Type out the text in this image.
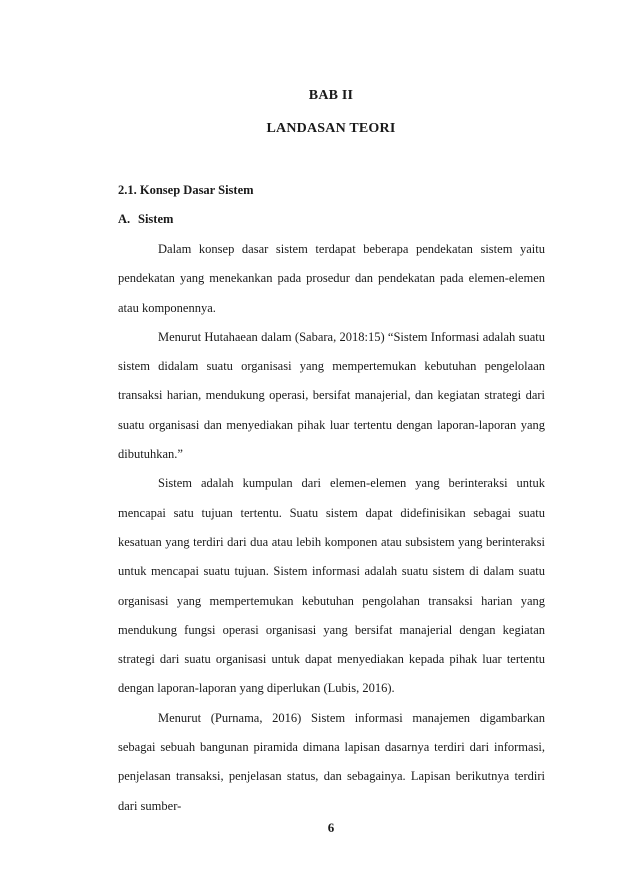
BAB II
LANDASAN TEORI
2.1. Konsep Dasar Sistem
A. Sistem

Dalam konsep dasar sistem terdapat beberapa pendekatan sistem yaitu pendekatan yang menekankan pada prosedur dan pendekatan pada elemen-elemen atau komponennya.

Menurut Hutahaean dalam (Sabara, 2018:15) “Sistem Informasi adalah suatu sistem didalam suatu organisasi yang mempertemukan kebutuhan pengelolaan transaksi harian, mendukung operasi, bersifat manajerial, dan kegiatan strategi dari suatu organisasi dan menyediakan pihak luar tertentu dengan laporan-laporan yang dibutuhkan.”

Sistem adalah kumpulan dari elemen-elemen yang berinteraksi untuk mencapai satu tujuan tertentu. Suatu sistem dapat didefinisikan sebagai suatu kesatuan yang terdiri dari dua atau lebih komponen atau subsistem yang berinteraksi untuk mencapai suatu tujuan. Sistem informasi adalah suatu sistem di dalam suatu organisasi yang mempertemukan kebutuhan pengolahan transaksi harian yang mendukung fungsi operasi organisasi yang bersifat manajerial dengan kegiatan strategi dari suatu organisasi untuk dapat menyediakan kepada pihak luar tertentu dengan laporan-laporan yang diperlukan (Lubis, 2016).

Menurut (Purnama, 2016) Sistem informasi manajemen digambarkan sebagai sebuah bangunan piramida dimana lapisan dasarnya terdiri dari informasi, penjelasan transaksi, penjelasan status, dan sebagainya. Lapisan berikutnya terdiri dari sumber-

6
